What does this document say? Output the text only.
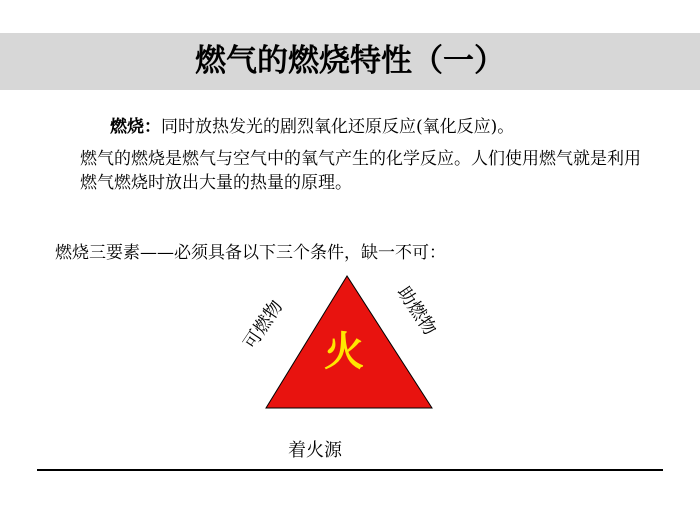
燃气的燃烧特性（一）
燃烧：同时放热发光的剧烈氧化还原反应(氧化反应)。
燃气的燃烧是燃气与空气中的氧气产生的化学反应。人们使用燃气就是利用燃气燃烧时放出大量的热量的原理。
燃烧三要素——必须具备以下三个条件，缺一不可：
火
可燃物	助燃物
着火源
